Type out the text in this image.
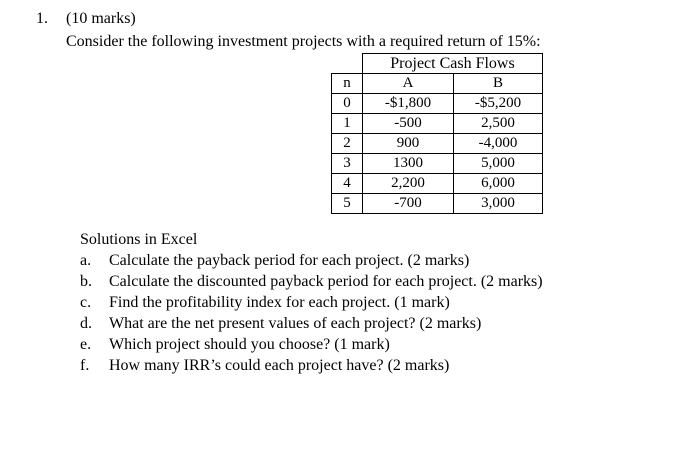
1. (10 marks)
Consider the following investment projects with a required return of 15%:
	Project Cash Flows	
n	A	B
0	-$1,800	-$5,200
1	-500	2,500
2	900	-4,000
3	1300	5,000
4	2,200	6,000
5	-700	3,000
Solutions in Excel
a. Calculate the payback period for each project. (2 marks)
b. Calculate the discounted payback period for each project. (2 marks)
c. Find the profitability index for each project. (1 mark)
d. What are the net present values of each project? (2 marks)
e. Which project should you choose? (1 mark)
f. How many IRR’s could each project have? (2 marks)
